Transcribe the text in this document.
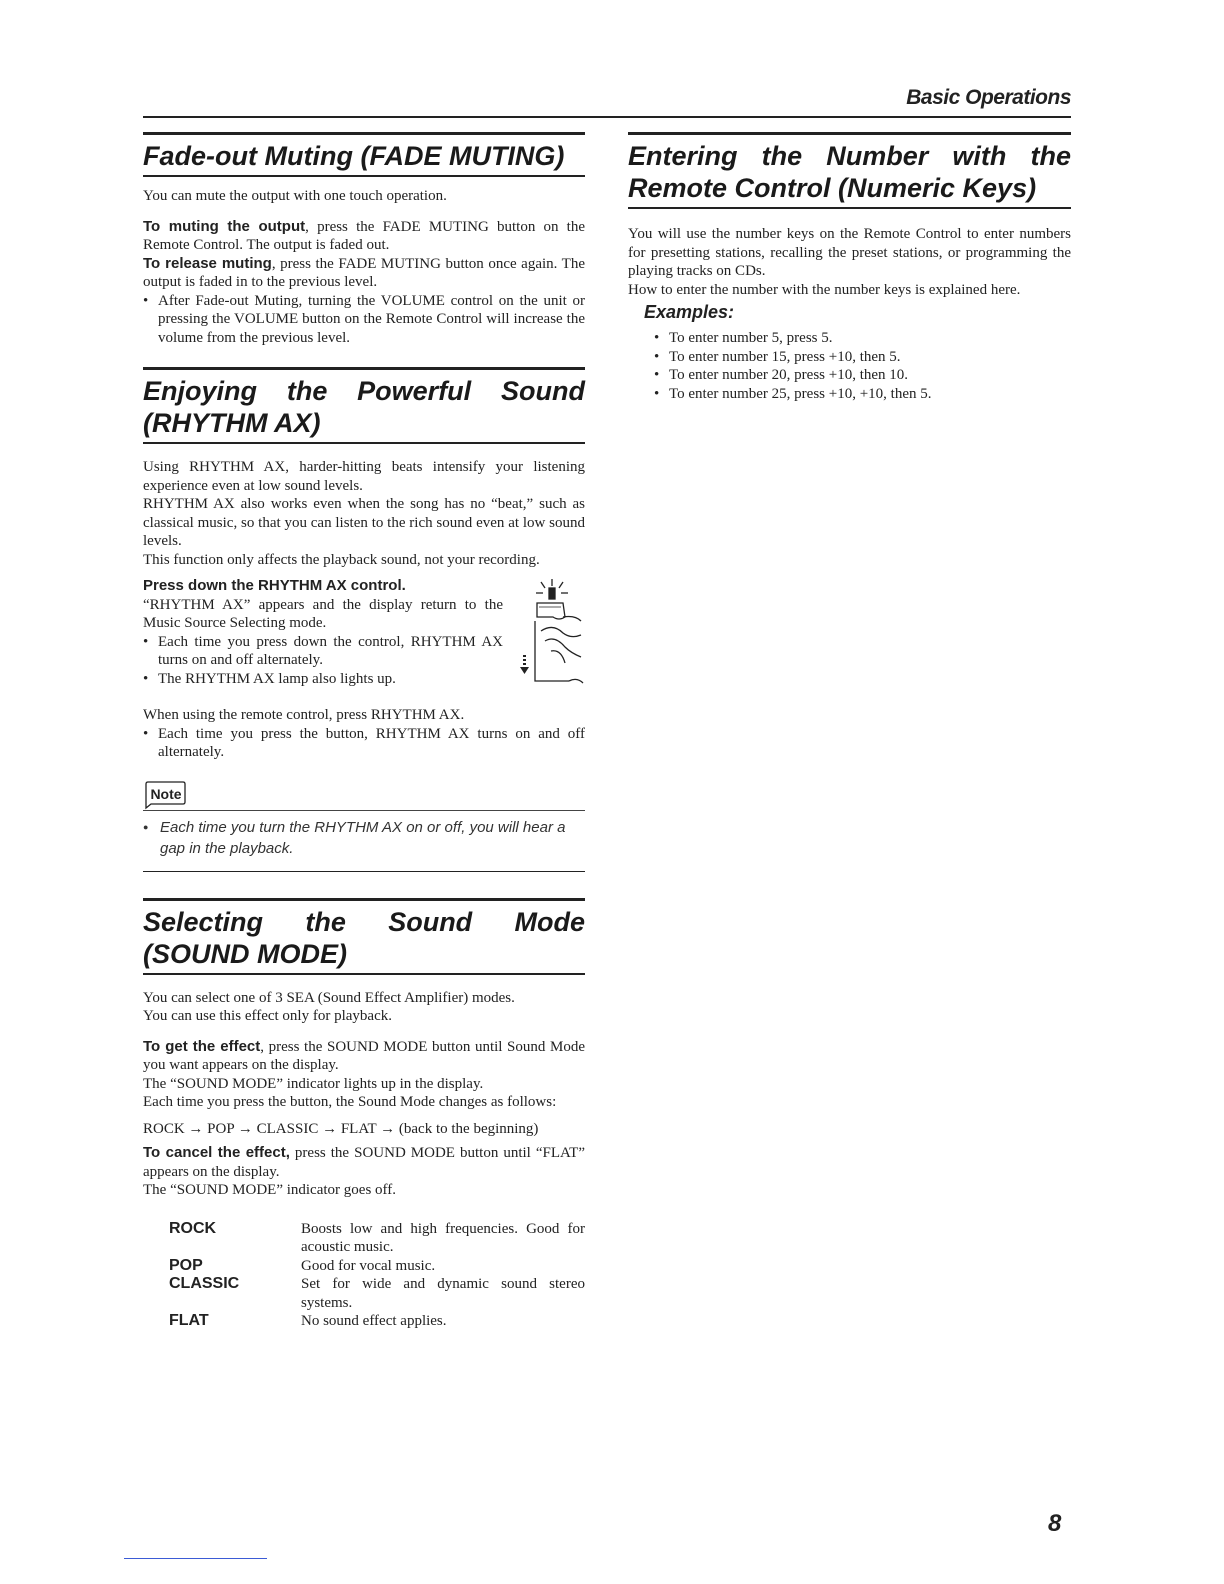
Basic Operations
Fade-out Muting (FADE MUTING)

You can mute the output with one touch operation.

To muting the output, press the FADE MUTING button on the Remote Control. The output is faded out.

To release muting, press the FADE MUTING button once again. The output is faded in to the previous level.

• After Fade-out Muting, turning the VOLUME control on the unit or pressing the VOLUME button on the Remote Control will increase the volume from the previous level.

Enjoying the Powerful Sound (RHYTHM AX)

Using RHYTHM AX, harder-hitting beats intensify your listening experience even at low sound levels.

RHYTHM AX also works even when the song has no “beat,” such as classical music, so that you can listen to the rich sound even at low sound levels.

This function only affects the playback sound, not your recording.

Press down the RHYTHM AX control.

“RHYTHM AX” appears and the display return to the Music Source Selecting mode.

• Each time you press down the control, RHYTHM AX turns on and off alternately.

• The RHYTHM AX lamp also lights up.

When using the remote control, press RHYTHM AX.

• Each time you press the button, RHYTHM AX turns on and off alternately.

Note

● Each time you turn the RHYTHM AX on or off, you will hear a gap in the playback.

Selecting the Sound Mode (SOUND MODE)

You can select one of 3 SEA (Sound Effect Amplifier) modes.

You can use this effect only for playback.

To get the effect, press the SOUND MODE button until Sound Mode you want appears on the display.

The “SOUND MODE” indicator lights up in the display.

Each time you press the button, the Sound Mode changes as follows:

ROCK → POP → CLASSIC → FLAT → (back to the beginning)

To cancel the effect, press the SOUND MODE button until “FLAT” appears on the display.

The “SOUND MODE” indicator goes off.

ROCK	Boosts low and high frequencies. Good for acoustic music.
POP	Good for vocal music.
CLASSIC	Set for wide and dynamic sound stereo systems.
FLAT	No sound effect applies.
Entering the Number with the Remote Control (Numeric Keys)

You will use the number keys on the Remote Control to enter numbers for presetting stations, recalling the preset stations, or programming the playing tracks on CDs.

How to enter the number with the number keys is explained here.

Examples:

• To enter number 5, press 5.

• To enter number 15, press +10, then 5.

• To enter number 20, press +10, then 10.

• To enter number 25, press +10, +10, then 5.

8
